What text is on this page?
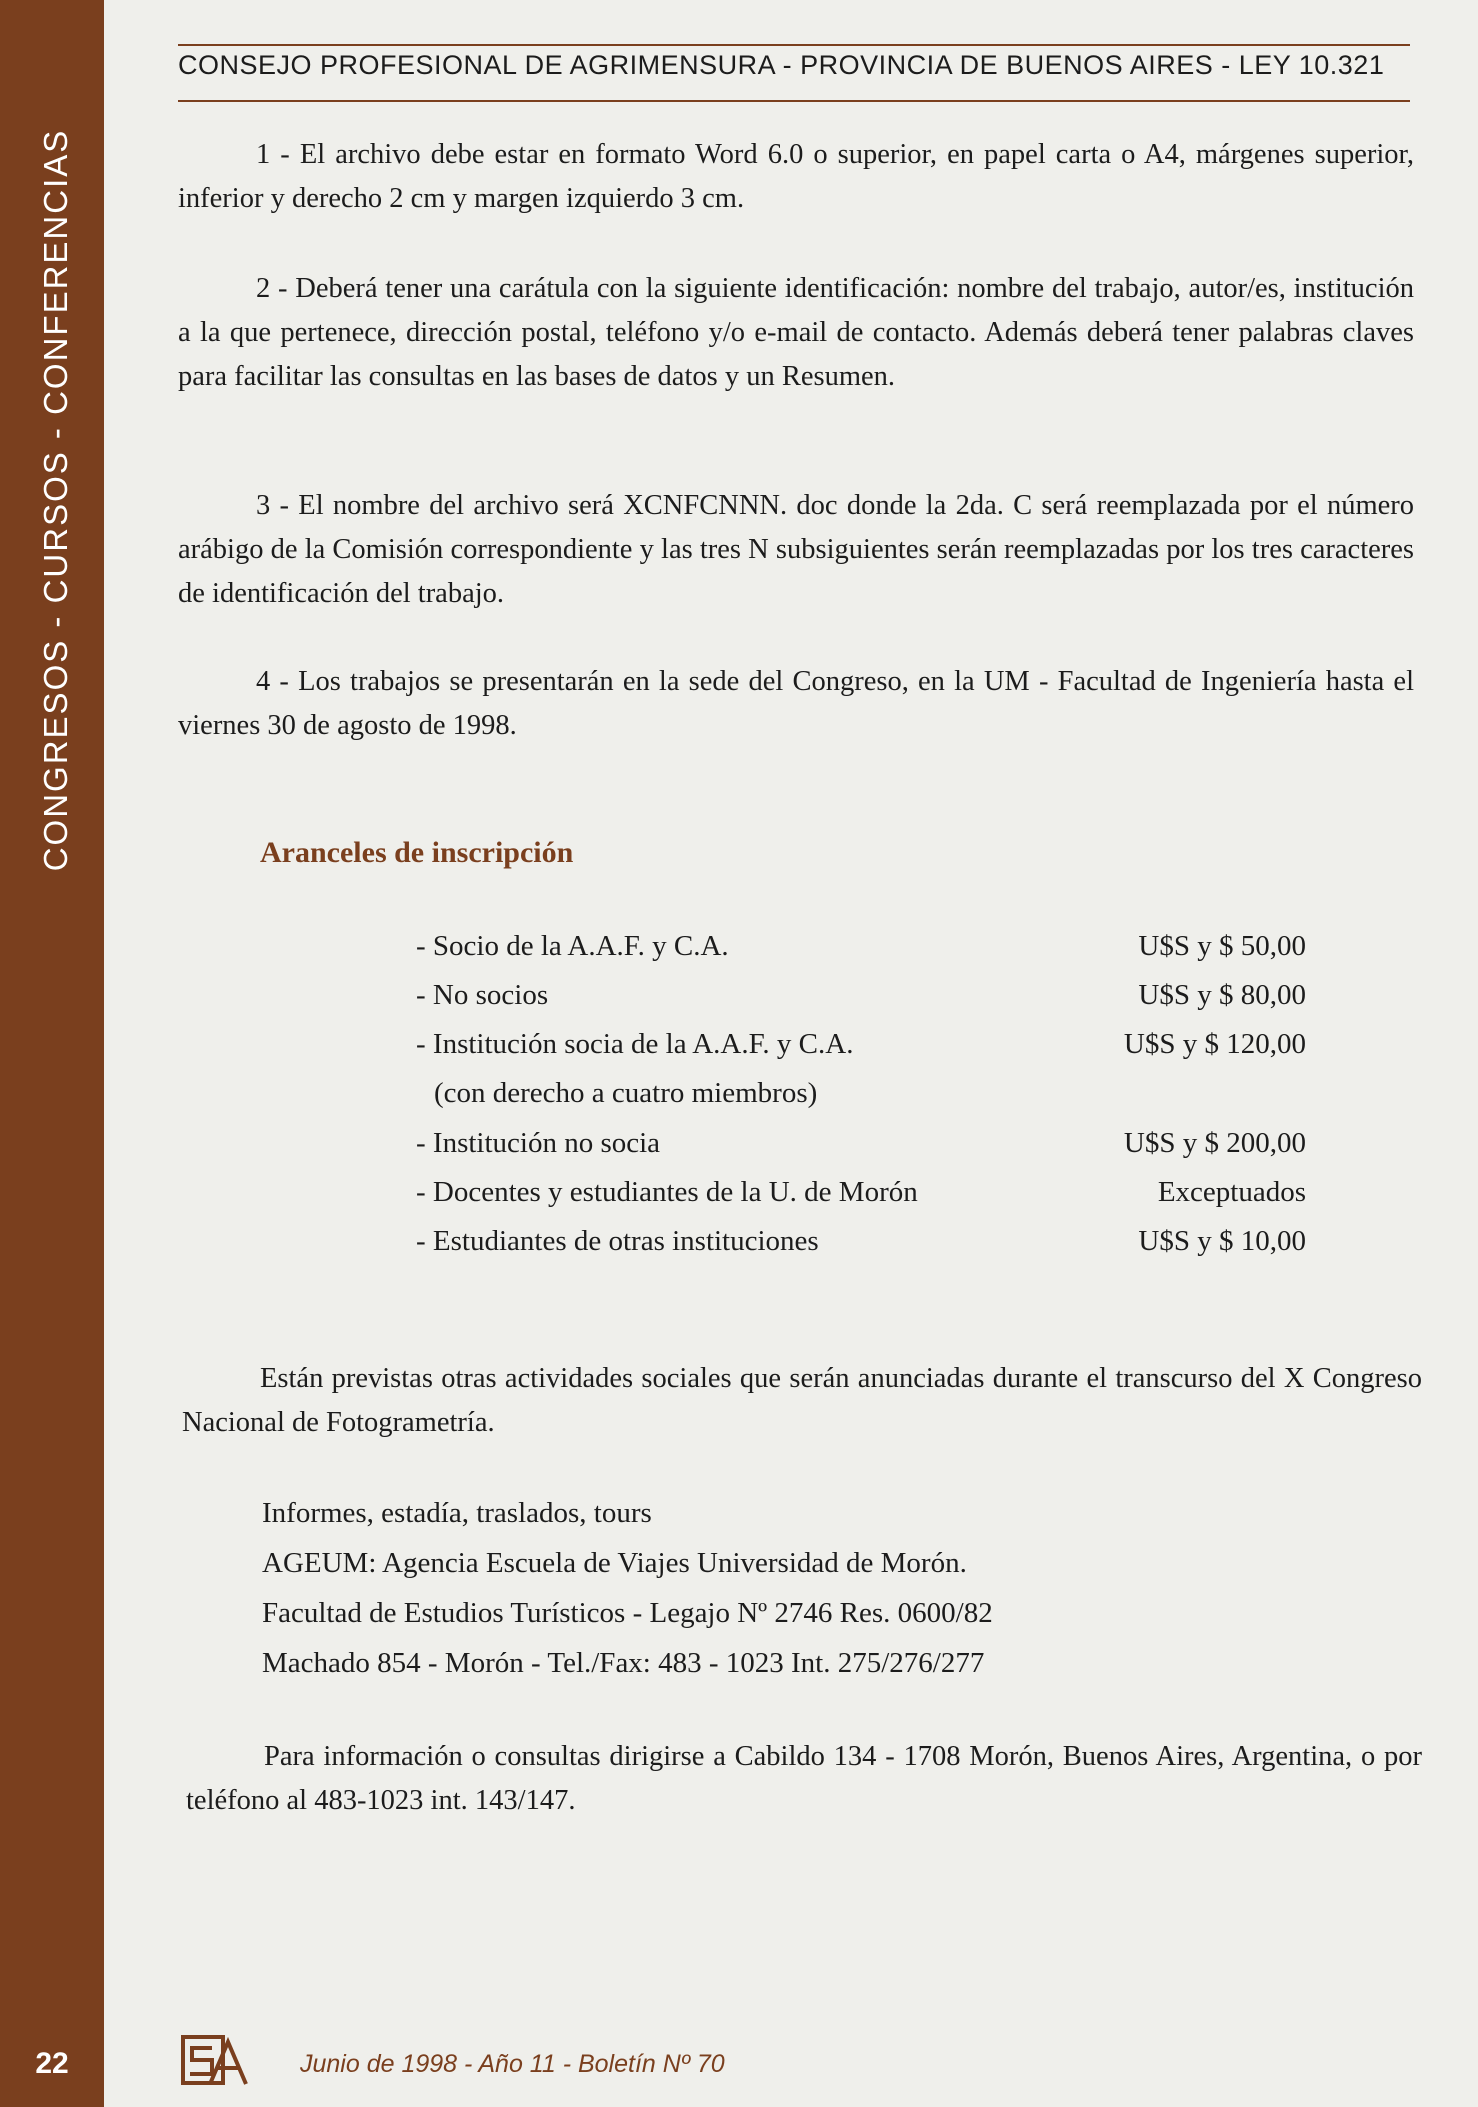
CONGRESOS - CURSOS - CONFERENCIAS
22
CONSEJO PROFESIONAL DE AGRIMENSURA - PROVINCIA DE BUENOS AIRES - LEY 10.321

1 - El archivo debe estar en formato Word 6.0 o superior, en papel carta o A4, márgenes superior, inferior y derecho 2 cm y margen izquierdo 3 cm.

2 - Deberá tener una carátula con la siguiente identificación: nombre del trabajo, autor/es, institución a la que pertenece, dirección postal, teléfono y/o e-mail de contacto. Además deberá tener palabras claves para facilitar las consultas en las bases de datos y un Resumen.

3 - El nombre del archivo será XCNFCNNN. doc donde la 2da. C será reemplazada por el número arábigo de la Comisión correspondiente y las tres N subsiguientes serán reemplazadas por los tres caracteres de identificación del trabajo.

4 - Los trabajos se presentarán en la sede del Congreso, en la UM - Facultad de Ingeniería hasta el viernes 30 de agosto de 1998.

Aranceles de inscripción
- Socio de la A.A.F. y C.A.	U$S y $ 50,00
- No socios	U$S y $ 80,00
- Institución socia de la A.A.F. y C.A.	U$S y $ 120,00
(con derecho a cuatro miembros)
- Institución no socia	U$S y $ 200,00
- Docentes y estudiantes de la U. de Morón	Exceptuados
- Estudiantes de otras instituciones	U$S y $ 10,00

Están previstas otras actividades sociales que serán anunciadas durante el transcurso del X Congreso Nacional de Fotogrametría.

Informes, estadía, traslados, tours
AGEUM: Agencia Escuela de Viajes Universidad de Morón.
Facultad de Estudios Turísticos - Legajo Nº 2746 Res. 0600/82
Machado 854 - Morón - Tel./Fax: 483 - 1023 Int. 275/276/277

Para información o consultas dirigirse a Cabildo 134 - 1708 Morón, Buenos Aires, Argentina, o por teléfono al 483-1023 int. 143/147.

Junio de 1998 - Año 11 - Boletín Nº 70
